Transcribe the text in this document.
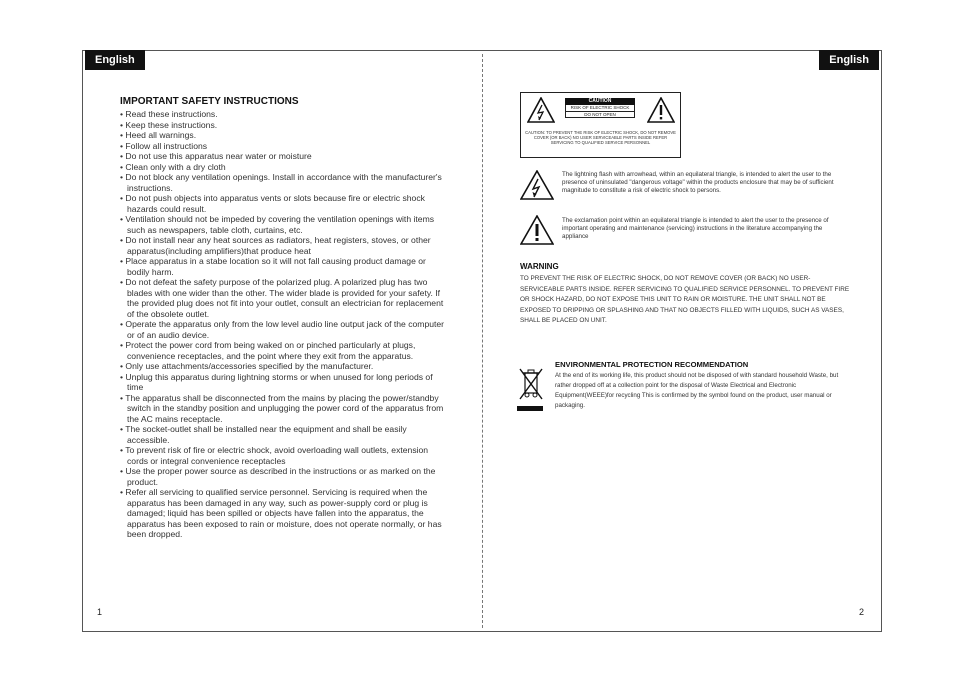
English
IMPORTANT SAFETY INSTRUCTIONS
• Read these instructions.
• Keep these instructions.
• Heed all warnings.
• Follow all instructions
• Do not use this apparatus near water or moisture
• Clean only with a dry cloth
• Do not block any ventilation openings. Install in accordance with the manufacturer's instructions.
• Do not push objects into apparatus vents or slots because fire or electric shock hazards could result.
• Ventilation should not be impeded by covering the ventilation openings with items such as newspapers, table cloth, curtains, etc.
• Do not install near any heat sources as radiators, heat registers, stoves, or other apparatus(including amplifiers)that produce heat
• Place apparatus in a stabe location so it will not fall causing product damage or bodily harm.
• Do not defeat the safety purpose of the polarized plug. A polarized plug has two blades with one wider than the other. The wider blade is provided for your safety. If the provided plug does not fit into your outlet, consult an electrician for replacement of the obsolete outlet.
• Operate the apparatus only from the low level audio line output jack of the computer or of an audio device.
• Protect the power cord from being waked on or pinched particularly at plugs, convenience receptacles, and the point where they exit from the apparatus.
• Only use attachments/accessories specified by the manufacturer.
• Unplug this apparatus during lightning storms or when unused for long periods of time
• The apparatus shall be disconnected from the mains by placing the power/standby switch in the standby position and unplugging the power cord of the apparatus from the AC mains receptacle.
• The socket-outlet shall be installed near the equipment and shall be easily accessible.
• To prevent risk of fire or electric shock, avoid overloading wall outlets, extension cords or integral convenience receptacles
• Use the proper power source as described in the instructions or as marked on the product.
• Refer all servicing to qualified service personnel. Servicing is required when the apparatus has been damaged in any way, such as power-supply cord or plug is damaged; liquid has been spilled or objects have fallen into the apparatus, the apparatus has been exposed to rain or moisture, does not operate normally, or has been dropped.
1
English
CAUTION
RISK OF ELECTRIC SHOCK
DO NOT OPEN
CAUTION: TO PREVENT THE RISK OF ELECTRIC SHOCK, DO NOT REMOVE COVER (OR BACK) NO USER SERVICEABLE PARTS INSIDE REFER SERVICING TO QUALIFIED SERVICE PERSONNEL
The lightning flash with arrowhead, within an equilateral triangle, is intended to alert the user to the presence of uninsulated "dangerous voltage" within the products enclosure that may be of sufficient magnitude to constitute a risk of electric shock to persons.
The exclamation point within an equilateral triangle is intended to alert the user to the presence of important operating and maintenance (servicing) instructions in the literature accompanying the appliance
WARNING
TO PREVENT THE RISK OF ELECTRIC SHOCK, DO NOT REMOVE COVER (OR BACK) NO USER-SERVICEABLE PARTS INSIDE. REFER SERVICING TO QUALIFIED SERVICE PERSONNEL. TO PREVENT FIRE OR SHOCK HAZARD, DO NOT EXPOSE THIS UNIT TO RAIN OR MOISTURE. THE UNIT SHALL NOT BE EXPOSED TO DRIPPING OR SPLASHING AND THAT NO OBJECTS FILLED WITH LIQUIDS, SUCH AS VASES, SHALL BE PLACED ON UNIT.
ENVIRONMENTAL PROTECTION RECOMMENDATION
At the end of its working life, this product should not be disposed of with standard household Waste, but rather dropped off at a collection point for the disposal of Waste Electrical and Electronic Equipment(WEEE)for recycling This is confirmed by the symbol found on the product, user manual or packaging.
2
